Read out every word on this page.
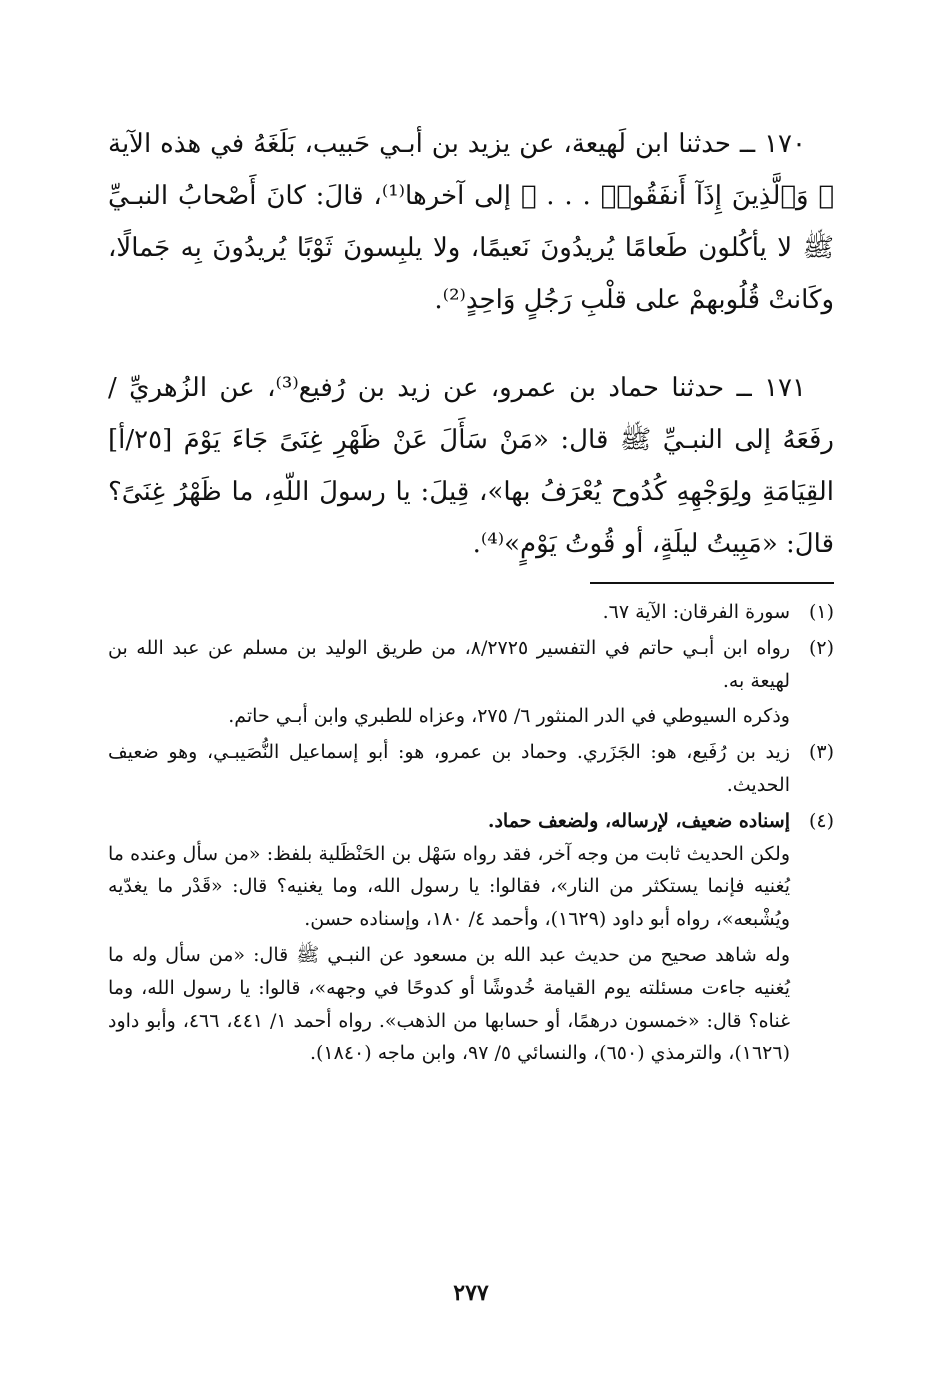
١٧٠ ــ حدثنا ابن لَهيعة، عن يزيد بن أبـي حَبيب، بَلَغَهُ في هذه الآية ﴿ وَٱلَّذِينَ إِذَآ أَنفَقُوا۟ . . . ﴾ إلى آخرها⁽¹⁾، قالَ: كانَ أَصْحابُ النبـيِّ ﷺ لا يأكُلون طَعامًا يُريدُونَ نَعيمًا، ولا يلبِسونَ ثَوْبًا يُريدُونَ بِه جَمالًا، وكَانتْ قُلُوبهمْ على قلْبِ رَجُلٍ وَاحِدٍ⁽²⁾.

١٧١ ــ حدثنا حماد بن عمرو، عن زيد بن رُفيع⁽³⁾، عن الزُهريِّ / رفَعَهُ إلى النبـيِّ ﷺ قال: «مَنْ سَأَلَ عَنْ ظَهْرِ غِنَىً جَاءَ يَوْمَ [٢٥/أ] القِيَامَةِ ولِوَجْهِهِ كُدُوح يُعْرَفُ بها»، قِيلَ: يا رسولَ اللّهِ، ما ظَهْرُ غِنَىً؟ قالَ: «مَبِيتُ ليلَةٍ، أو قُوتُ يَوْمٍ»⁽⁴⁾.

(١)
سورة الفرقان: الآية ٦٧.
(٢)
رواه ابن أبـي حاتم في التفسير ٨/٢٧٢٥، من طريق الوليد بن مسلم عن عبد الله بن لهيعة به.
وذكره السيوطي في الدر المنثور ٦/ ٢٧٥، وعزاه للطبري وابن أبـي حاتم.
(٣)
زيد بن رُفَيع، هو: الجَزَري. وحماد بن عمرو، هو: أبو إسماعيل النُّصَيبـي، وهو ضعيف الحديث.
(٤)
إسناده ضعيف، لإرساله، ولضعف حماد.
ولكن الحديث ثابت من وجه آخر، فقد رواه سَهْل بن الحَنْظَلية بلفظ: «من سأل وعنده ما يُغنيه فإنما يستكثر من النار»، فقالوا: يا رسول الله، وما يغنيه؟ قال: «قَدْر ما يغدّيه ويُشْبعه»، رواه أبو داود (١٦٢٩)، وأحمد ٤/ ١٨٠، وإسناده حسن.
وله شاهد صحيح من حديث عبد الله بن مسعود عن النبـي ﷺ قال: «من سأل وله ما يُغنيه جاءت مسئلته يوم القيامة خُدوشًا أو كدوحًا في وجهه»، قالوا: يا رسول الله، وما غناه؟ قال: «خمسون درهمًا، أو حسابها من الذهب». رواه أحمد ١/ ٤٤١، ٤٦٦، وأبو داود (١٦٢٦)، والترمذي (٦٥٠)، والنسائي ٥/ ٩٧، وابن ماجه (١٨٤٠).
٢٧٧
